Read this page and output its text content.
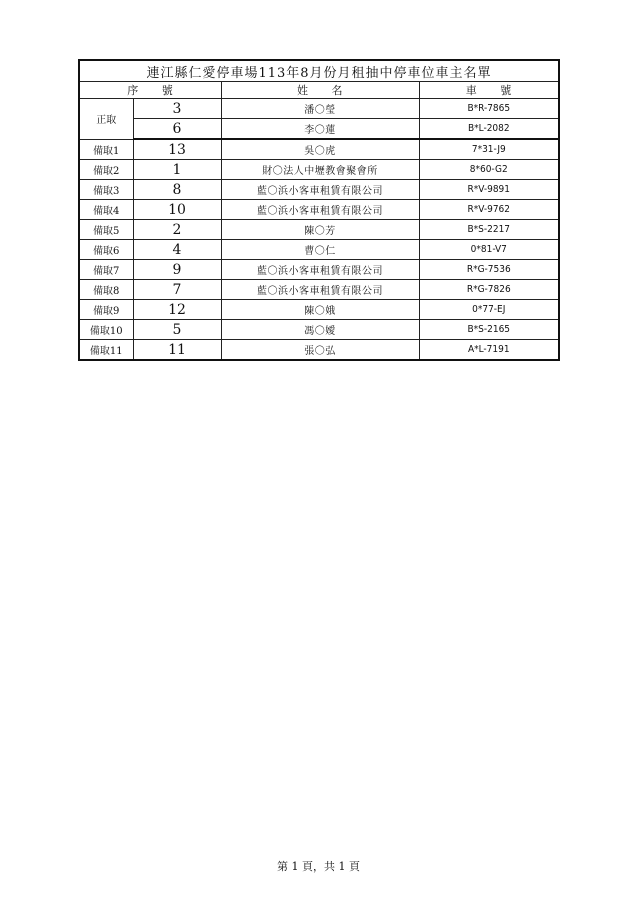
連江縣仁愛停車場113年8月份月租抽中停車位車主名單			
序　　號		姓　　名	車　　號
正取	3	潘〇瑩	B*R-7865
	6	李〇蓮	B*L-2082
備取1	13	吳〇虎	7*31-J9
備取2	1	財〇法人中壢教會聚會所	8*60-G2
備取3	8	藍〇浜小客車租賃有限公司	R*V-9891
備取4	10	藍〇浜小客車租賃有限公司	R*V-9762
備取5	2	陳〇芳	B*S-2217
備取6	4	曹〇仁	0*81-V7
備取7	9	藍〇浜小客車租賃有限公司	R*G-7536
備取8	7	藍〇浜小客車租賃有限公司	R*G-7826
備取9	12	陳〇娥	0*77-EJ
備取10	5	馮〇嬡	B*S-2165
備取11	11	張〇弘	A*L-7191
第 1 頁，共 1 頁
